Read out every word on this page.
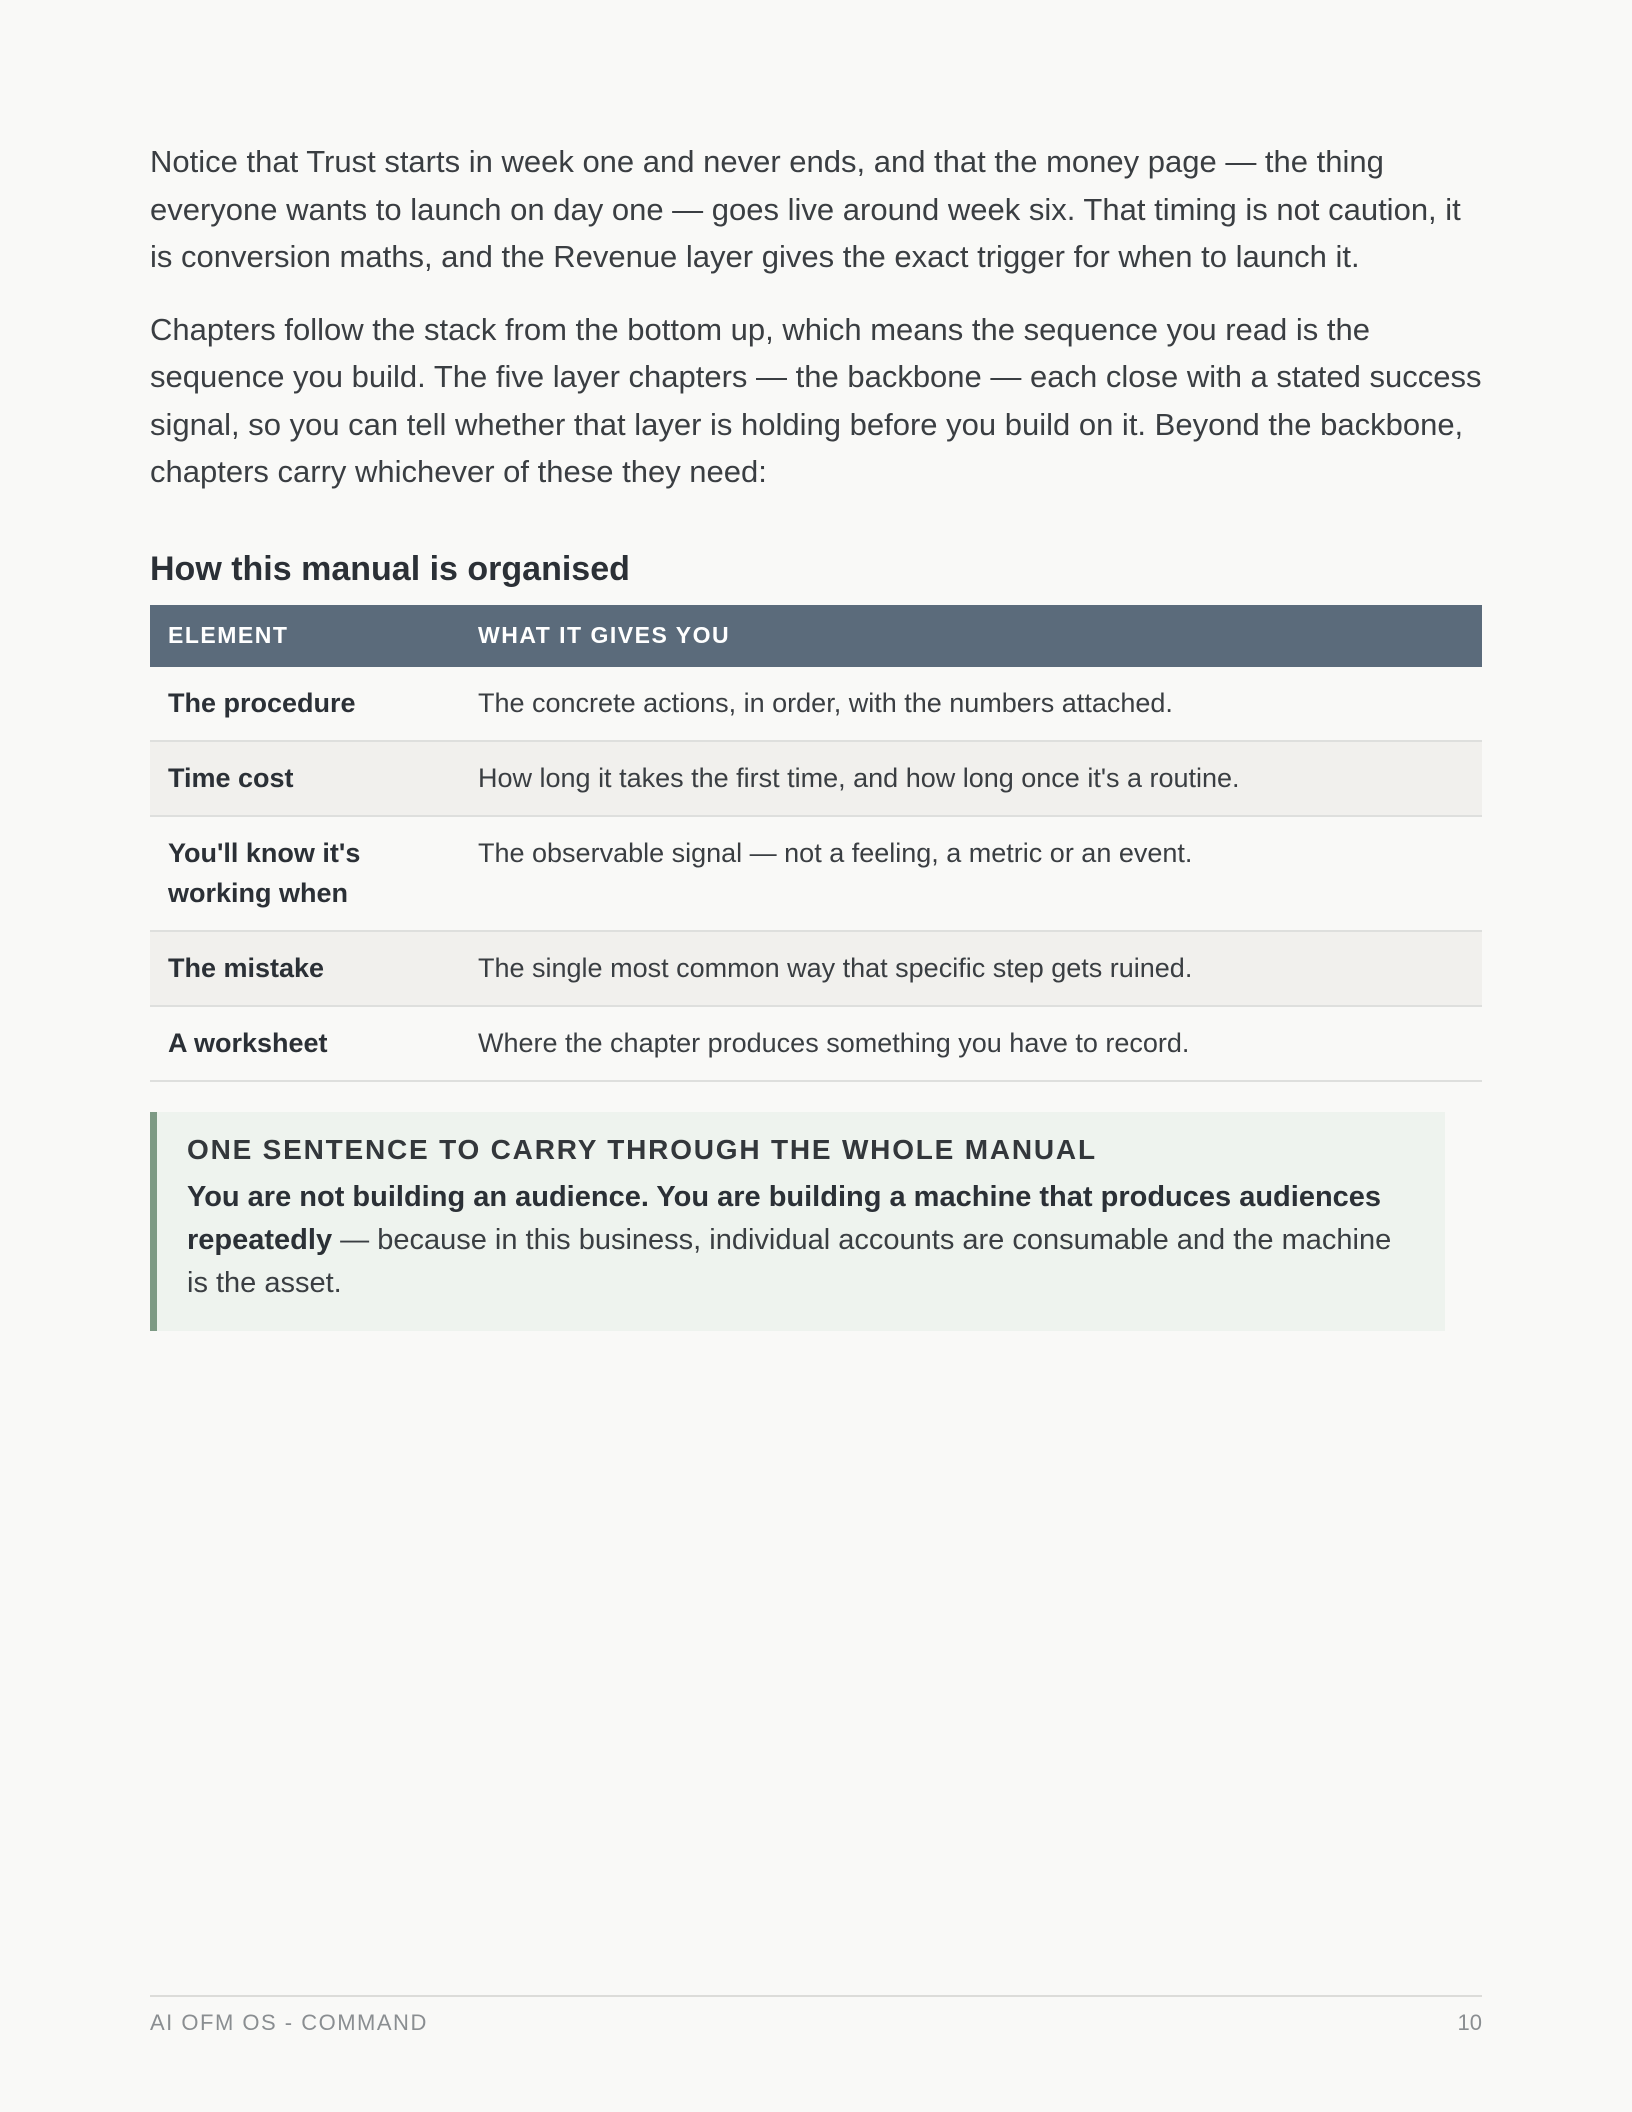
Notice that Trust starts in week one and never ends, and that the money page — the thing everyone wants to launch on day one — goes live around week six. That timing is not caution, it is conversion maths, and the Revenue layer gives the exact trigger for when to launch it.

Chapters follow the stack from the bottom up, which means the sequence you read is the sequence you build. The five layer chapters — the backbone — each close with a stated success signal, so you can tell whether that layer is holding before you build on it. Beyond the backbone, chapters carry whichever of these they need:

How this manual is organised
ELEMENT	WHAT IT GIVES YOU
The procedure	The concrete actions, in order, with the numbers attached.
Time cost	How long it takes the first time, and how long once it's a routine.
You'll know it's working when	The observable signal — not a feeling, a metric or an event.
The mistake	The single most common way that specific step gets ruined.
A worksheet	Where the chapter produces something you have to record.
ONE SENTENCE TO CARRY THROUGH THE WHOLE MANUAL
You are not building an audience. You are building a machine that produces audiences repeatedly — because in this business, individual accounts are consumable and the machine is the asset.
AI OFM OS - COMMAND	10
